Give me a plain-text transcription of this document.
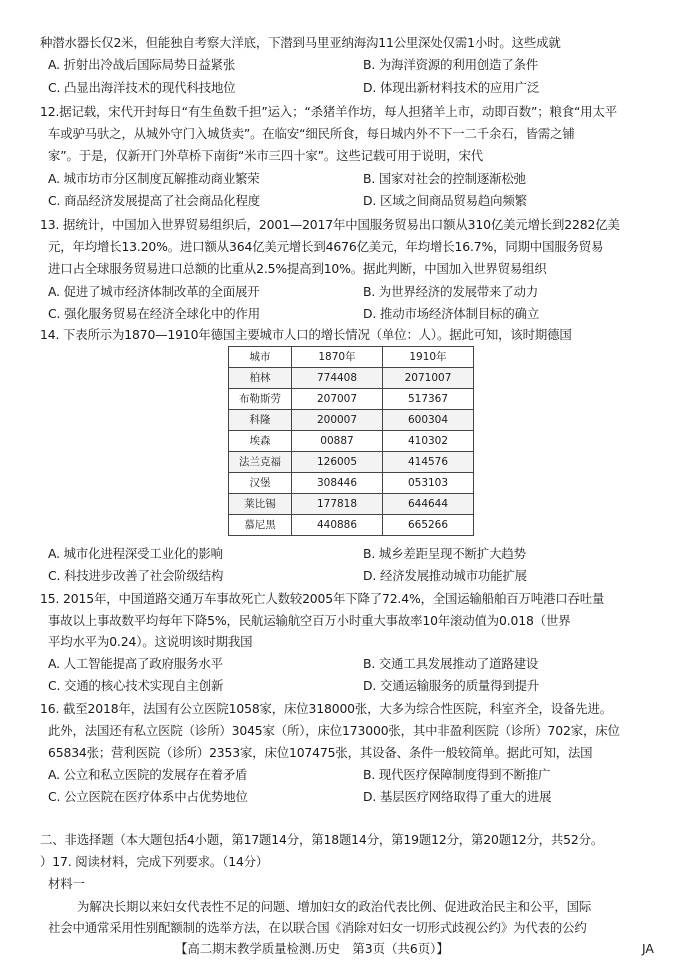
种潜水器长仅2米，但能独自考察大洋底，下潜到马里亚纳海沟11公里深处仅需1小时。这些成就
A. 折射出冷战后国际局势日益紧张	B. 为海洋资源的利用创造了条件
C. 凸显出海洋技术的现代科技地位	D. 体现出新材料技术的应用广泛
12.据记载，宋代开封每日“有生鱼数千担”运入；“杀猪羊作坊，每人担猪羊上市，动即百数”；粮食“用太平
车或驴马驮之，从城外守门入城货卖”。在临安“细民所食，每日城内外不下一二千余石，皆需之铺
家”。于是，仅新开门外草桥下南街“米市三四十家”。这些记载可用于说明，宋代
A. 城市坊市分区制度瓦解推动商业繁荣	B. 国家对社会的控制逐渐松弛
C. 商品经济发展提高了社会商品化程度	D. 区域之间商品贸易趋向频繁
13. 据统计，中国加入世界贸易组织后，2001—2017年中国服务贸易出口额从310亿美元增长到2282亿美
元，年均增长13.20%。进口额从364亿美元增长到4676亿美元，年均增长16.7%，同期中国服务贸易
进口占全球服务贸易进口总额的比重从2.5%提高到10%。据此判断，中国加入世界贸易组织
A. 促进了城市经济体制改革的全面展开	B. 为世界经济的发展带来了动力
C. 强化服务贸易在经济全球化中的作用	D. 推动市场经济体制目标的确立
14. 下表所示为1870—1910年德国主要城市人口的增长情况（单位：人）。据此可知，该时期德国
城市	1870年	1910年
柏林	774408	2071007
布勒斯劳	207007	517367
科隆	200007	600304
埃森	00887	410302
法兰克福	126005	414576
汉堡	308446	053103
莱比锡	177818	644644
慕尼黑	440886	665266
A. 城市化进程深受工业化的影响	B. 城乡差距呈现不断扩大趋势
C. 科技进步改善了社会阶级结构	D. 经济发展推动城市功能扩展
15. 2015年，中国道路交通万车事故死亡人数较2005年下降了72.4%，全国运输船舶百万吨港口吞吐量
事故以上事故数平均每年下降5%，民航运输航空百万小时重大事故率10年滚动值为0.018（世界
平均水平为0.24）。这说明该时期我国
A. 人工智能提高了政府服务水平	B. 交通工具发展推动了道路建设
C. 交通的核心技术实现自主创新	D. 交通运输服务的质量得到提升
16. 截至2018年，法国有公立医院1058家，床位318000张，大多为综合性医院，科室齐全，设备先进。
此外，法国还有私立医院（诊所）3045家（所），床位173000张，其中非盈利医院（诊所）702家，床位
65834张；营利医院（诊所）2353家，床位107475张，其设备、条件一般较简单。据此可知，法国
A. 公立和私立医院的发展存在着矛盾	B. 现代医疗保障制度得到不断推广
C. 公立医院在医疗体系中占优势地位	D. 基层医疗网络取得了重大的进展
二、非选择题（本大题包括4小题，第17题14分，第18题14分，第19题12分，第20题12分，共52分。
）17. 阅读材料，完成下列要求。（14分）
材料一
为解决长期以来妇女代表性不足的问题、增加妇女的政治代表比例、促进政治民主和公平，国际
社会中通常采用性别配额制的选举方法，在以联合国《消除对妇女一切形式歧视公约》为代表的公约
【高二期末教学质量检测.历史　第3页（共6页）】	JA
